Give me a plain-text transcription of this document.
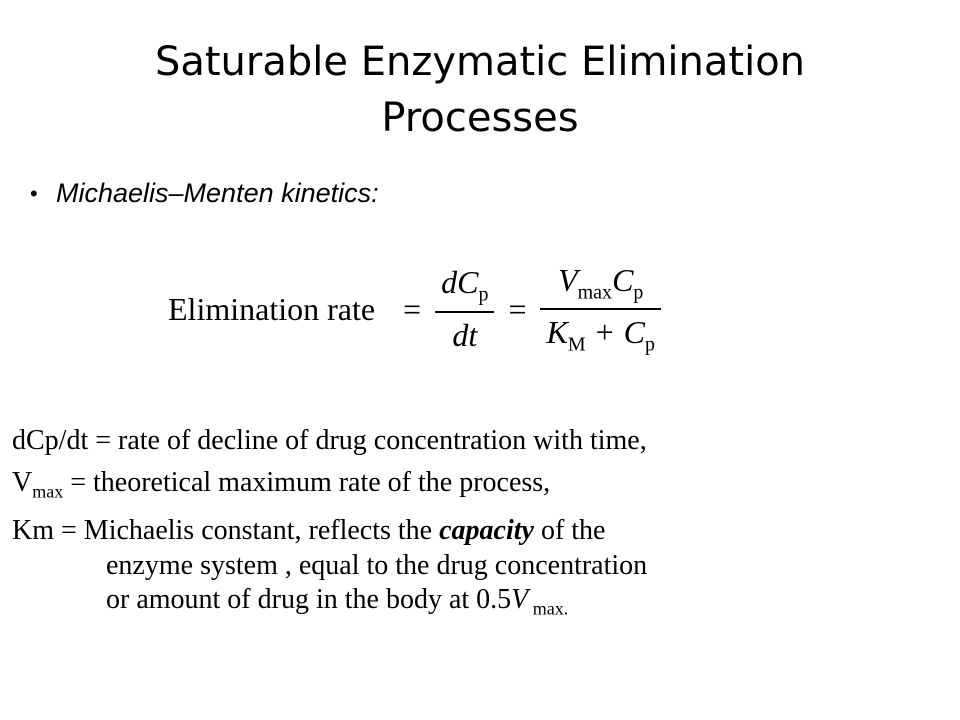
Saturable Enzymatic Elimination
Processes
• Michaelis–Menten kinetics:
Elimination rate = $\frac{dC_p}{dt} = \frac{V_{max}C_p}{K_M + C_p}$
dCp/dt = rate of decline of drug concentration with time,
$V_{max}$ = theoretical maximum rate of the process,
Km = Michaelis constant, reflects the capacity of the
enzyme system , equal to the drug concentration
or amount of drug in the body at 0.5V $_{max.}$
